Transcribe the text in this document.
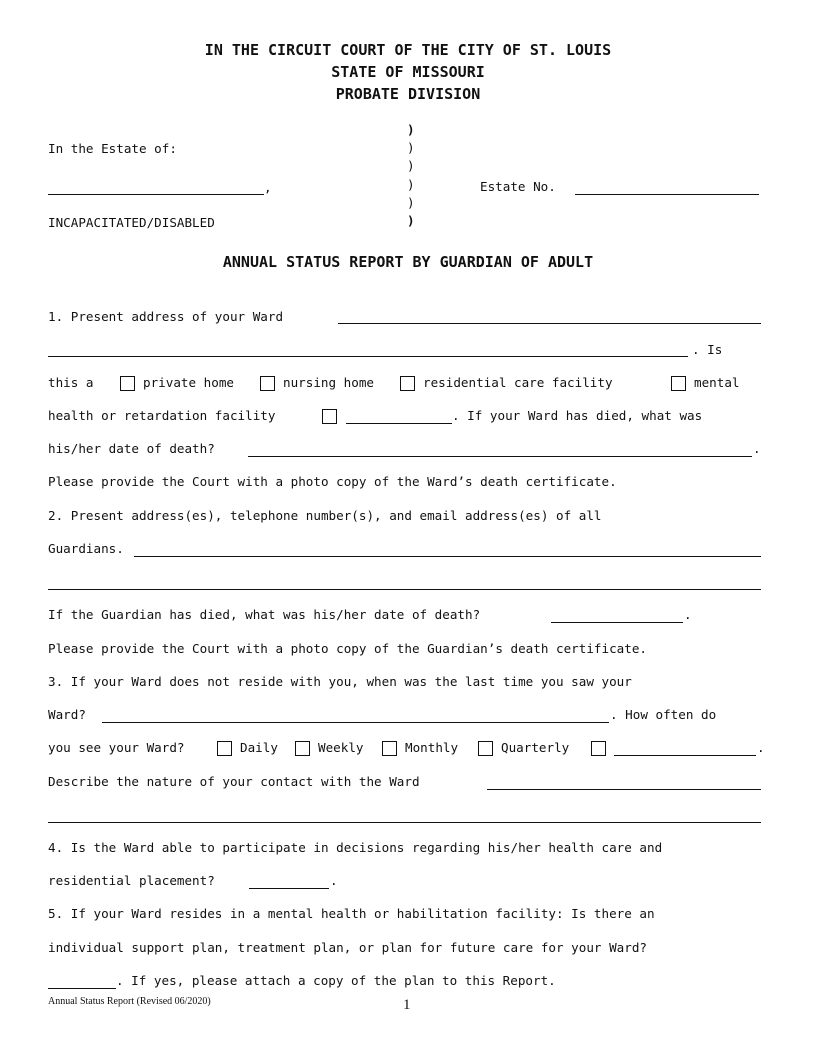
IN THE CIRCUIT COURT OF THE CITY OF ST. LOUIS
STATE OF MISSOURI
PROBATE DIVISION
)
)
)
)
)
)
In the Estate of:
,	Estate No.
INCAPACITATED/DISABLED
ANNUAL STATUS REPORT BY GUARDIAN OF ADULT
1. Present address of your Ward
. Is
this a	private home	nursing home	residential care facility	mental
health or retardation facility	. If your Ward has died, what was
his/her date of death?	.
Please provide the Court with a photo copy of the Ward’s death certificate.
2. Present address(es), telephone number(s), and email address(es) of all
Guardians.
If the Guardian has died, what was his/her date of death?	.
Please provide the Court with a photo copy of the Guardian’s death certificate.
3. If your Ward does not reside with you, when was the last time you saw your
Ward?	. How often do
you see your Ward?	Daily	Weekly	Monthly	Quarterly	.
Describe the nature of your contact with the Ward
4. Is the Ward able to participate in decisions regarding his/her health care and
residential placement?	.
5. If your Ward resides in a mental health or habilitation facility: Is there an
individual support plan, treatment plan, or plan for future care for your Ward?
. If yes, please attach a copy of the plan to this Report.
Annual Status Report (Revised 06/2020)	1
